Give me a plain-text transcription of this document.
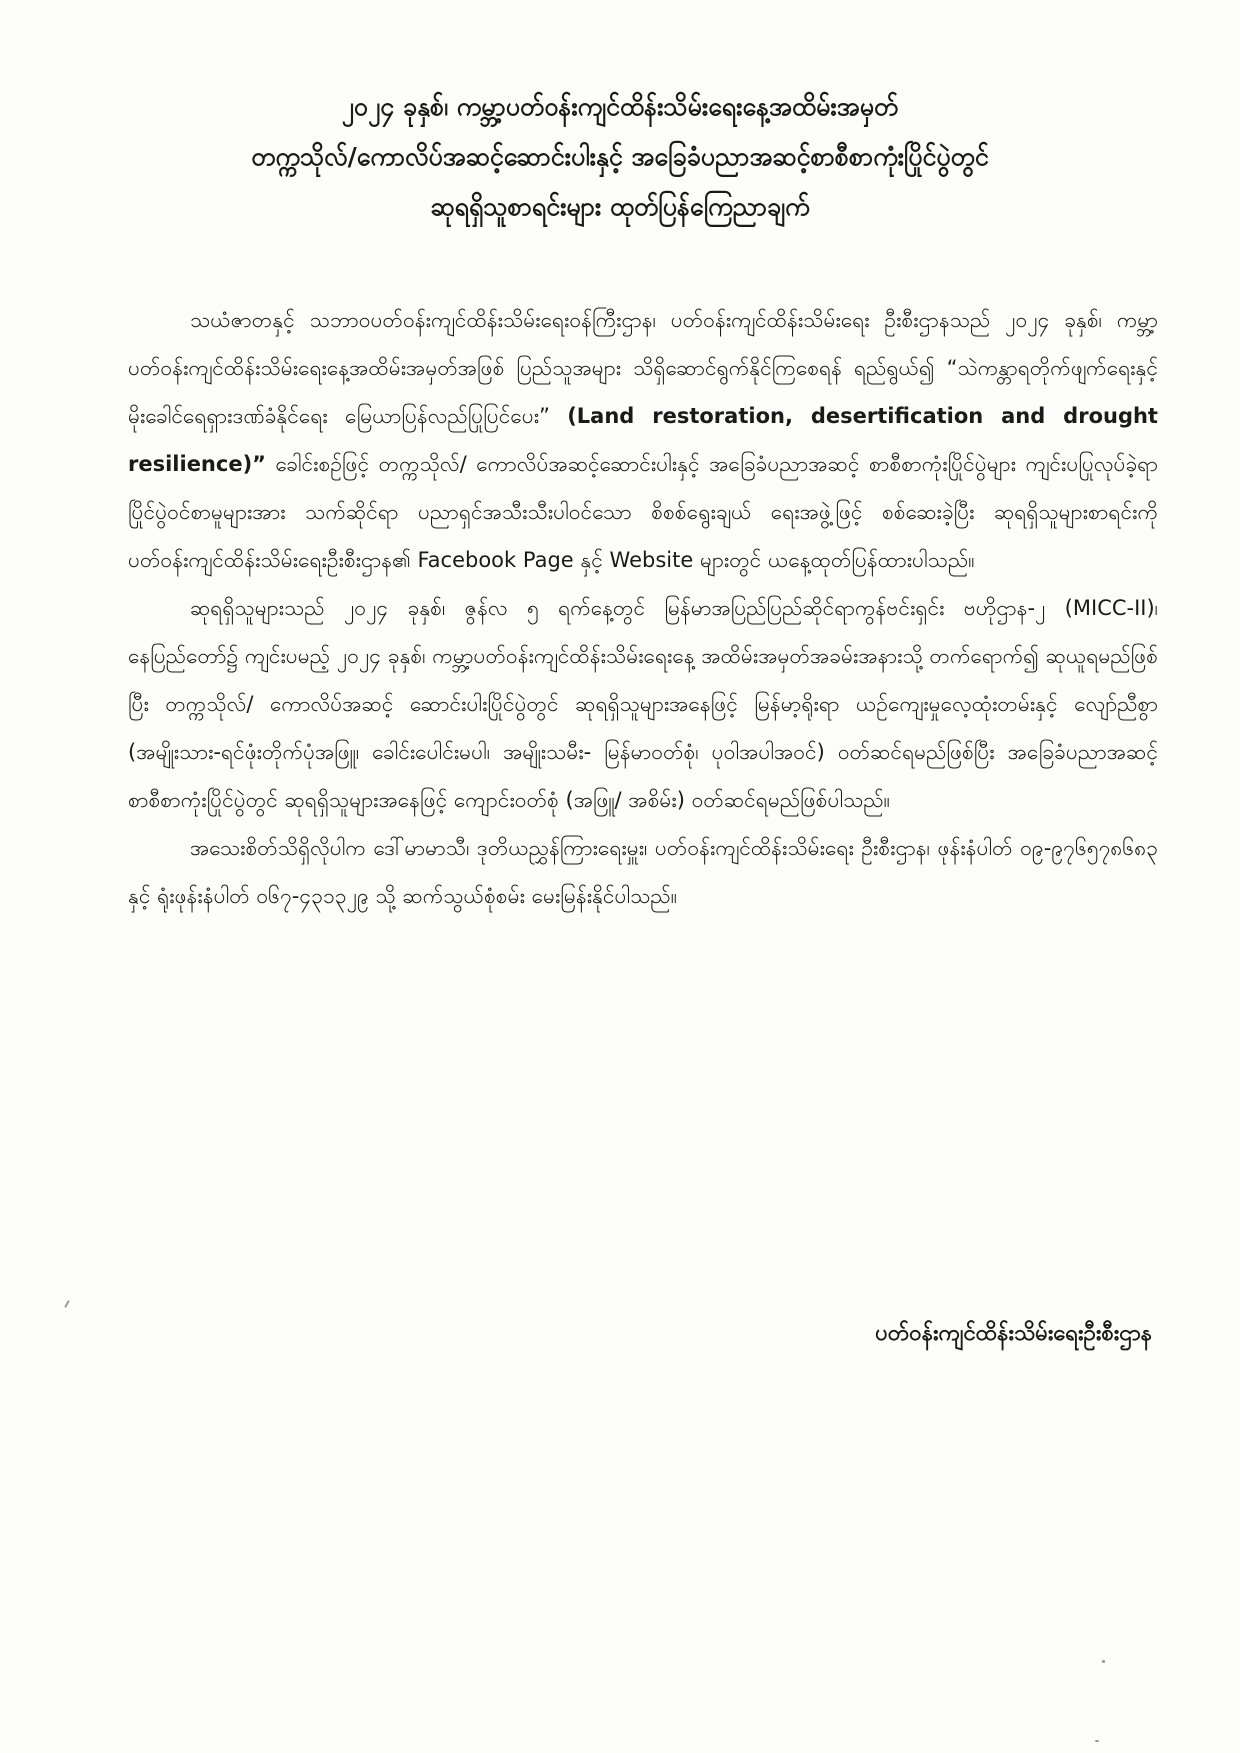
၂၀၂၄ ခုနှစ်၊ ကမ္ဘာ့ပတ်ဝန်းကျင်ထိန်းသိမ်းရေးနေ့အထိမ်းအမှတ်
တက္ကသိုလ်/ကောလိပ်အဆင့်ဆောင်းပါးနှင့် အခြေခံပညာအဆင့်စာစီစာကုံးပြိုင်ပွဲတွင်
ဆုရရှိသူစာရင်းများ ထုတ်ပြန်ကြေညာချက်

သယံဇာတနှင့် သဘာဝပတ်ဝန်းကျင်ထိန်းသိမ်းရေးဝန်ကြီးဌာန၊ ပတ်ဝန်းကျင်ထိန်းသိမ်းရေး ဦးစီးဌာနသည် ၂၀၂၄ ခုနှစ်၊ ကမ္ဘာ့ပတ်ဝန်းကျင်ထိန်းသိမ်းရေးနေ့အထိမ်းအမှတ်အဖြစ် ပြည်သူအများ သိရှိဆောင်ရွက်နိုင်ကြစေရန် ရည်ရွယ်၍ “သဲကန္တာရတိုက်ဖျက်ရေးနှင့် မိုးခေါင်ရေရှားဒဏ်ခံနိုင်ရေး မြေယာပြန်လည်ပြုပြင်ပေး” (Land restoration, desertification and drought resilience)” ခေါင်းစဉ်ဖြင့် တက္ကသိုလ်/ ကောလိပ်အဆင့်ဆောင်းပါးနှင့် အခြေခံပညာအဆင့် စာစီစာကုံးပြိုင်ပွဲများ ကျင်းပပြုလုပ်ခဲ့ရာ ပြိုင်ပွဲဝင်စာမူများအား သက်ဆိုင်ရာ ပညာရှင်အသီးသီးပါဝင်သော စိစစ်ရွေးချယ် ရေးအဖွဲ့ဖြင့် စစ်ဆေးခဲ့ပြီး ဆုရရှိသူများစာရင်းကို ပတ်ဝန်းကျင်ထိန်းသိမ်းရေးဦးစီးဌာန၏ Facebook Page နှင့် Website များတွင် ယနေ့ထုတ်ပြန်ထားပါသည်။

ဆုရရှိသူများသည် ၂၀၂၄ ခုနှစ်၊ ဇွန်လ ၅ ရက်နေ့တွင် မြန်မာအပြည်ပြည်ဆိုင်ရာကွန်ဗင်းရှင်း ဗဟိုဌာန-၂ (MICC-II)၊ နေပြည်တော်၌ ကျင်းပမည့် ၂၀၂၄ ခုနှစ်၊ ကမ္ဘာ့ပတ်ဝန်းကျင်ထိန်းသိမ်းရေးနေ့ အထိမ်းအမှတ်အခမ်းအနားသို့ တက်ရောက်၍ ဆုယူရမည်ဖြစ်ပြီး တက္ကသိုလ်/ ကောလိပ်အဆင့် ဆောင်းပါးပြိုင်ပွဲတွင် ဆုရရှိသူများအနေဖြင့် မြန်မာ့ရိုးရာ ယဉ်ကျေးမှုလေ့ထုံးတမ်းနှင့် လျော်ညီစွာ (အမျိုးသား-ရင်ဖုံးတိုက်ပုံအဖြူ၊ ခေါင်းပေါင်းမပါ၊ အမျိုးသမီး- မြန်မာဝတ်စုံ၊ ပုဝါအပါအဝင်) ဝတ်ဆင်ရမည်ဖြစ်ပြီး အခြေခံပညာအဆင့်စာစီစာကုံးပြိုင်ပွဲတွင် ဆုရရှိသူများအနေဖြင့် ကျောင်းဝတ်စုံ (အဖြူ/ အစိမ်း) ဝတ်ဆင်ရမည်ဖြစ်ပါသည်။

အသေးစိတ်သိရှိလိုပါက ဒေါ်မာမာသီ၊ ဒုတိယညွှန်ကြားရေးမှူး၊ ပတ်ဝန်းကျင်ထိန်းသိမ်းရေး ဦးစီးဌာန၊ ဖုန်းနံပါတ် ၀၉-၉၇၆၅၇၈၆၈၃ နှင့် ရုံးဖုန်းနံပါတ် ၀၆၇-၄၃၁၃၂၉ သို့ ဆက်သွယ်စုံစမ်း မေးမြန်းနိုင်ပါသည်။

ပတ်ဝန်းကျင်ထိန်းသိမ်းရေးဦးစီးဌာန
